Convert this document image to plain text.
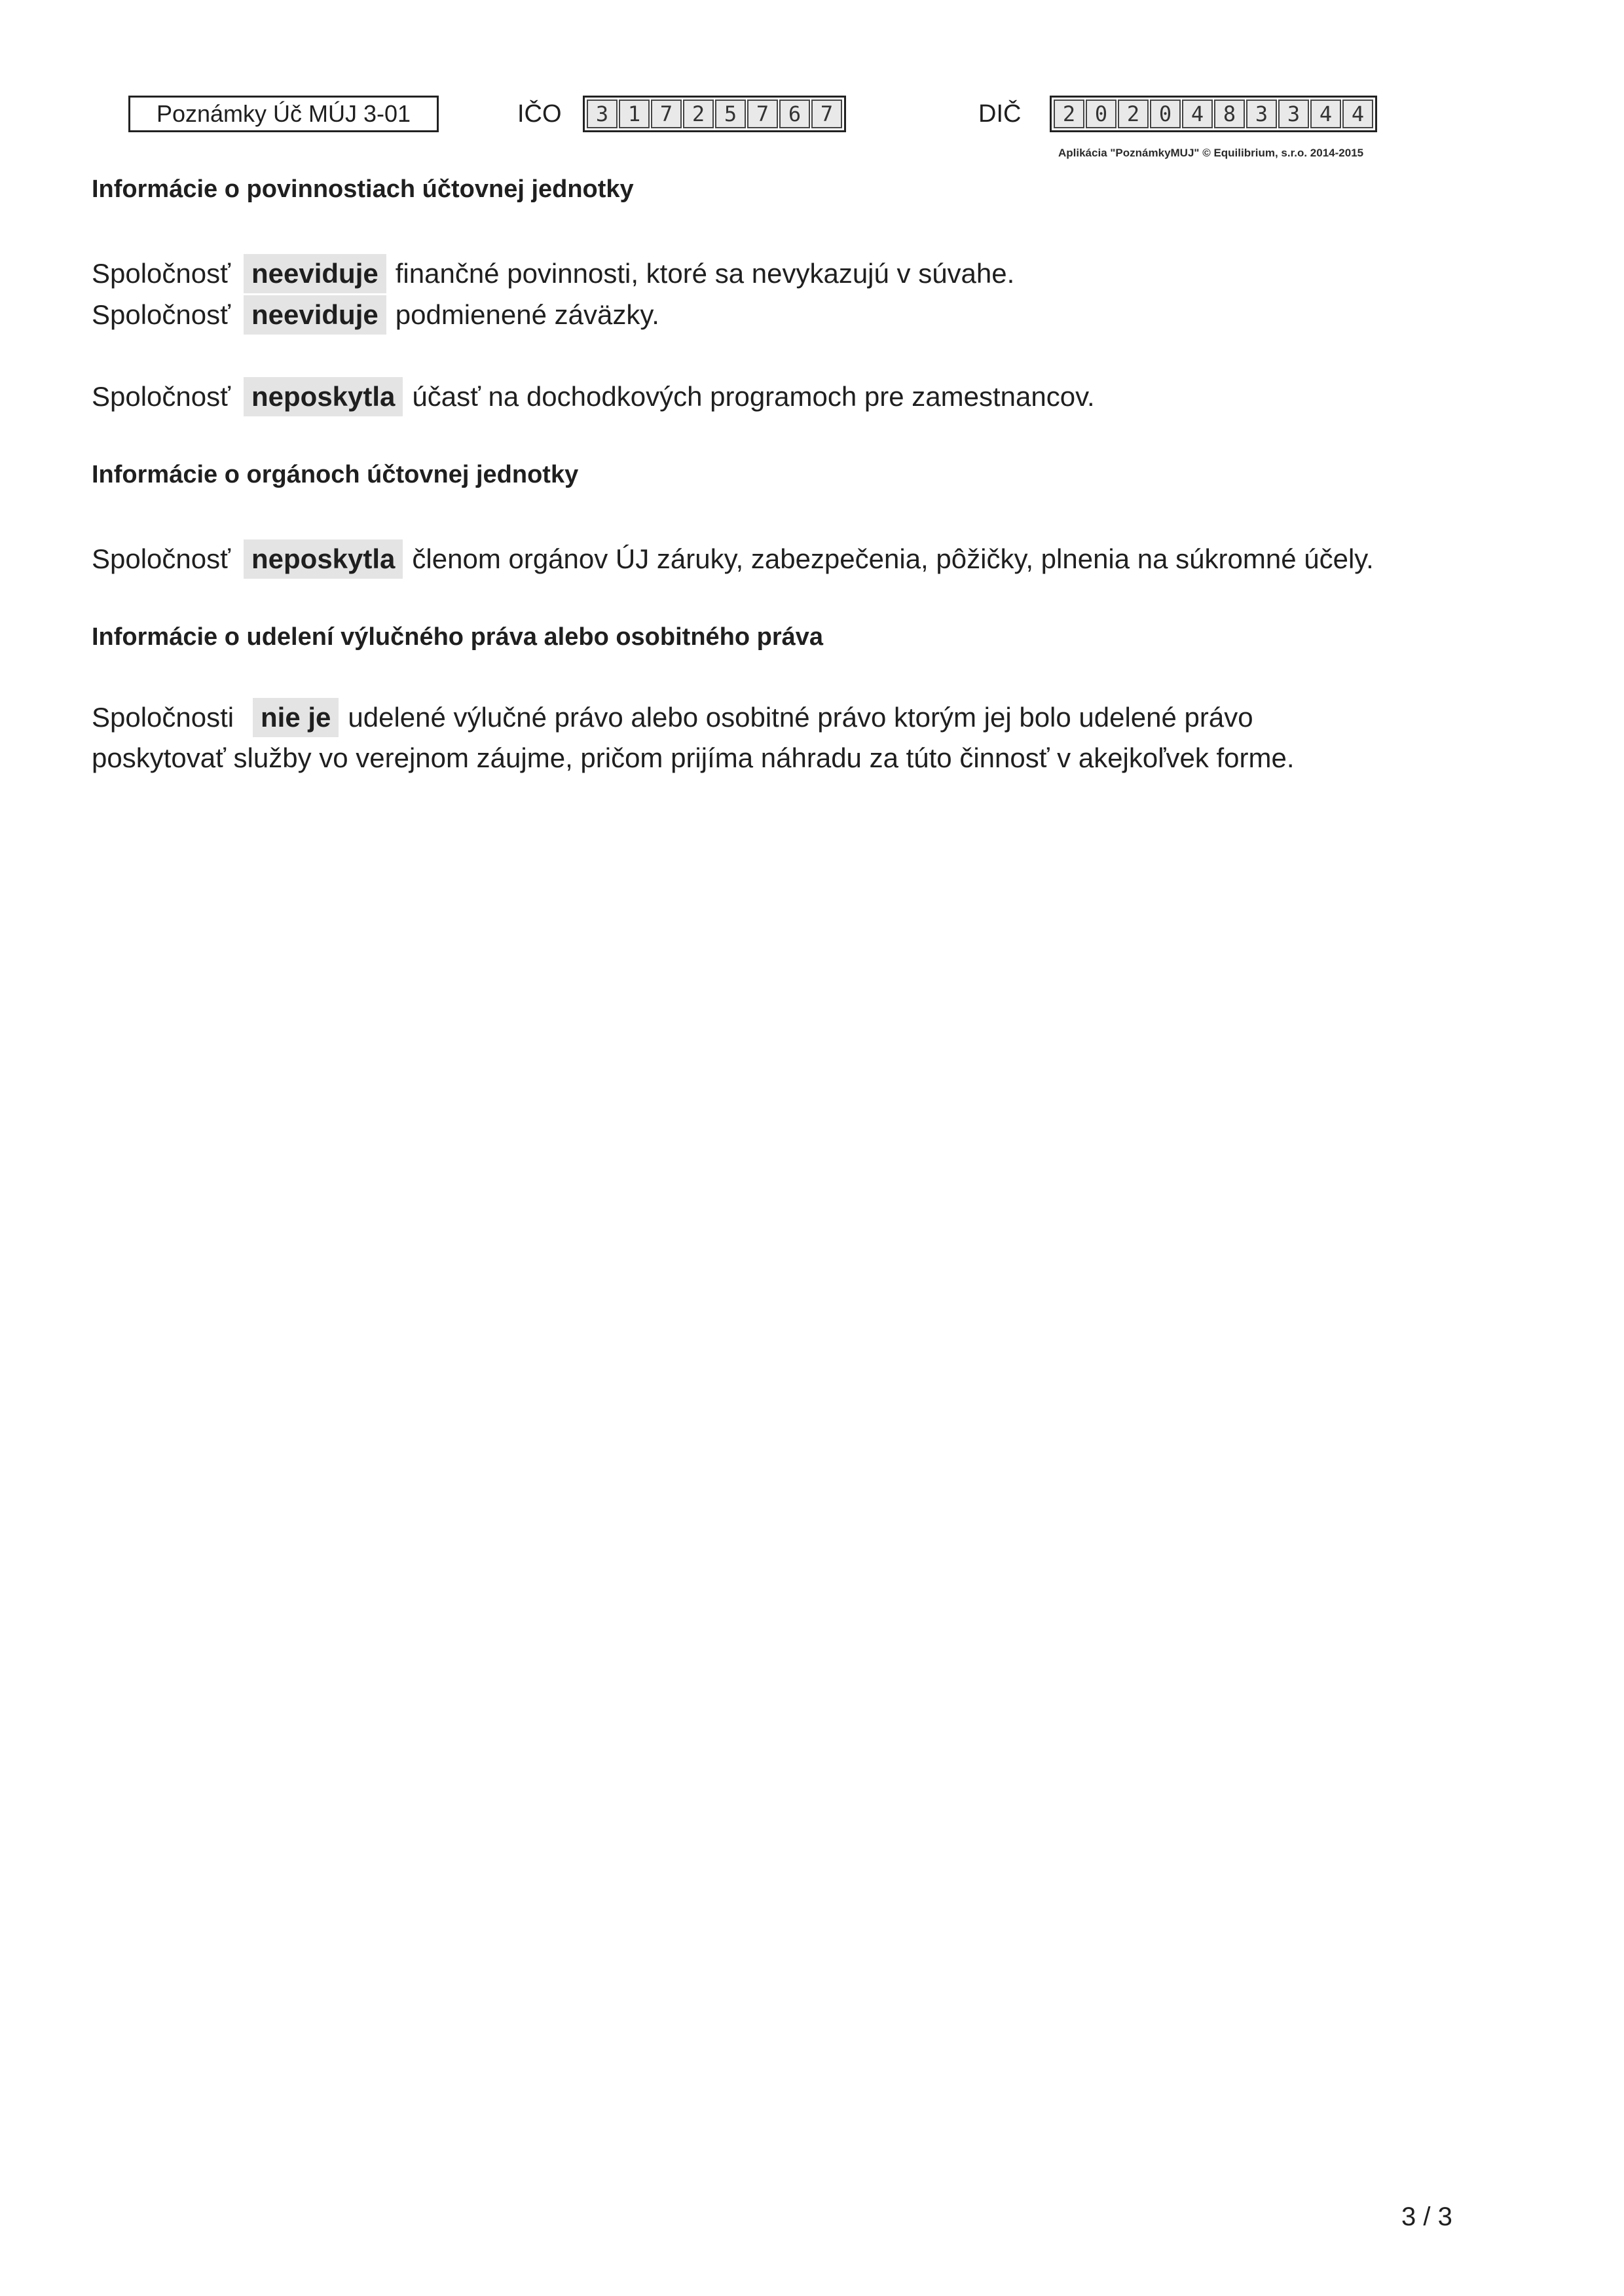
Poznámky Úč MÚJ 3-01	IČO	3 1 7 2 5 7 6 7	DIČ	2 0 2 0 4 8 3 3 4 4
Aplikácia "PoznámkyMUJ" © Equilibrium, s.r.o. 2014-2015
Informácie o povinnostiach účtovnej jednotky
Spoločnosť neeviduje finančné povinnosti, ktoré sa nevykazujú v súvahe.
Spoločnosť neeviduje podmienené záväzky.
Spoločnosť neposkytla účasť na dochodkových programoch pre zamestnancov.
Informácie o orgánoch účtovnej jednotky
Spoločnosť neposkytla členom orgánov ÚJ záruky, zabezpečenia, pôžičky, plnenia na súkromné účely.
Informácie o udelení výlučného práva alebo osobitného práva
Spoločnosti nie je udelené výlučné právo alebo osobitné právo ktorým jej bolo udelené právo
poskytovať služby vo verejnom záujme, pričom prijíma náhradu za túto činnosť v akejkoľvek forme.
3 / 3
